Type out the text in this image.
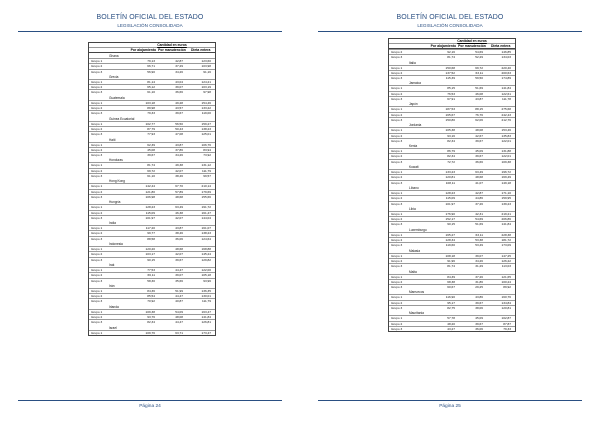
BOLETÍN OFICIAL DEL ESTADO
LEGISLACIÓN CONSOLIDADA
Cantidad en euros
Por alojamiento Por manutención	Dieta entera
Ghana
Grupo 1	79,13	42,87	123,60
Grupo 2	66,71	37,29	103,98
Grupo 3	56,90	34,26	91,16
Grecia
Grupo 1	81,14	43,04	124,21
Grupo 2	65,12	39,07	103,19
Grupo 3	61,10	36,66	97,98
Guatemala
Grupo 1	103,18	49,28	154,46
Grupo 2	89,98	43,57	133,22
Grupo 3	79,33	39,67	119,00
Guinea Ecuatorial
Grupo 1	102,77	56,50	159,27
Grupo 2	87,79	50,43	138,23
Grupo 3	77,93	47,08	125,01
Haití
Grupo 1	62,39	43,87	106,76
Grupo 2	45,08	37,86	83,94
Grupo 3	39,67	34,26	73,92
Honduras
Grupo 1	81,74	49,38	131,12
Grupo 2	69,72	42,07	111,79
Grupo 3	61,10	38,46	99,57
Hong Kong
Grupo 1	142,44	67,70	210,14
Grupo 2	121,80	57,89	179,69
Grupo 3	106,98	48,68	155,66
Hungría
Grupo 1	128,23	63,49	191,72
Grupo 2	115,09	46,38	161,47
Grupo 3	101,97	42,07	144,04
India
Grupo 1	117,20	43,87	161,07
Grupo 2	99,77	38,46	138,23
Grupo 3	88,58	36,06	124,64
Indonesia
Grupo 1	120,20	48,68	168,88
Grupo 2	103,17	42,07	145,24
Grupo 3	90,15	39,67	129,82
Irak
Grupo 1	77,53	44,47	122,00
Grupo 2	66,11	39,07	105,18
Grupo 3	58,30	35,66	93,96
Irán
Grupo 1	84,36	51,99	136,35
Grupo 2	85,54	44,47	130,01
Grupo 3	70,92	40,87	111,79
Irlanda
Grupo 1	109,38	54,09	163,47
Grupo 2	93,76	48,08	141,84
Grupo 3	82,34	44,47	126,81
Israel
Grupo 1	109,76	63,71	173,47
Página 24
BOLETÍN OFICIAL DEL ESTADO
LEGISLACIÓN CONSOLIDADA
Cantidad en euros
Por alojamiento Por manutención	Dieta entera
Grupo 2	92,16	54,69	146,85
Grupo 3	81,74	52,29	134,03
Italia
Grupo 1	150,68	69,72	220,40
Grupo 2	137,52	63,11	200,63
Grupo 3	115,39	59,50	174,89
Jamaica
Grupo 1	85,15	51,69	141,84
Grupo 2	76,53	46,08	122,61
Grupo 3	67,91	43,87	111,78
Japón
Grupo 1	187,53	88,15	275,68
Grupo 2	165,67	76,76	242,43
Grupo 3	150,80	62,06	212,76
Jordania
Grupo 1	105,38	48,08	153,46
Grupo 2	93,16	42,67	135,83
Grupo 3	82,34	39,67	122,01
Kenia
Grupo 1	86,79	45,09	131,88
Grupo 2	82,34	39,67	122,01
Grupo 3	72,72	36,66	109,38
Kuwait
Grupo 1	133,23	63,49	196,72
Grupo 2	120,81	48,68	169,49
Grupo 3	108,11	41,07	149,18
Líbano
Grupo 1	128,23	42,87	171,10
Grupo 2	115,09	44,86	159,95
Grupo 3	101,97	37,26	139,23
Libia
Grupo 1	176,90	42,31	219,21
Grupo 2	152,17	54,69	206,86
Grupo 3	90,15	51,69	141,84
Luxemburgo
Grupo 1	165,27	63,11	228,38
Grupo 2	128,34	53,38	181,72
Grupo 3	119,60	53,49	173,09
Malasia
Grupo 1	108,18	39,07	147,25
Grupo 2	91,96	34,26	126,22
Grupo 3	81,74	31,29	113,03
Malta
Grupo 1	84,39	37,26	121,65
Grupo 2	68,38	31,86	100,24
Grupo 3	60,67	29,25	89,92
Marruecos
Grupo 1	116,90	43,86	160,76
Grupo 2	95,17	39,67	134,84
Grupo 3	82,75	38,06	120,81
Mauritania
Grupo 1	57,78	45,09	102,87
Grupo 2	48,20	39,67	87,87
Grupo 3	43,27	36,06	79,33
Página 25
